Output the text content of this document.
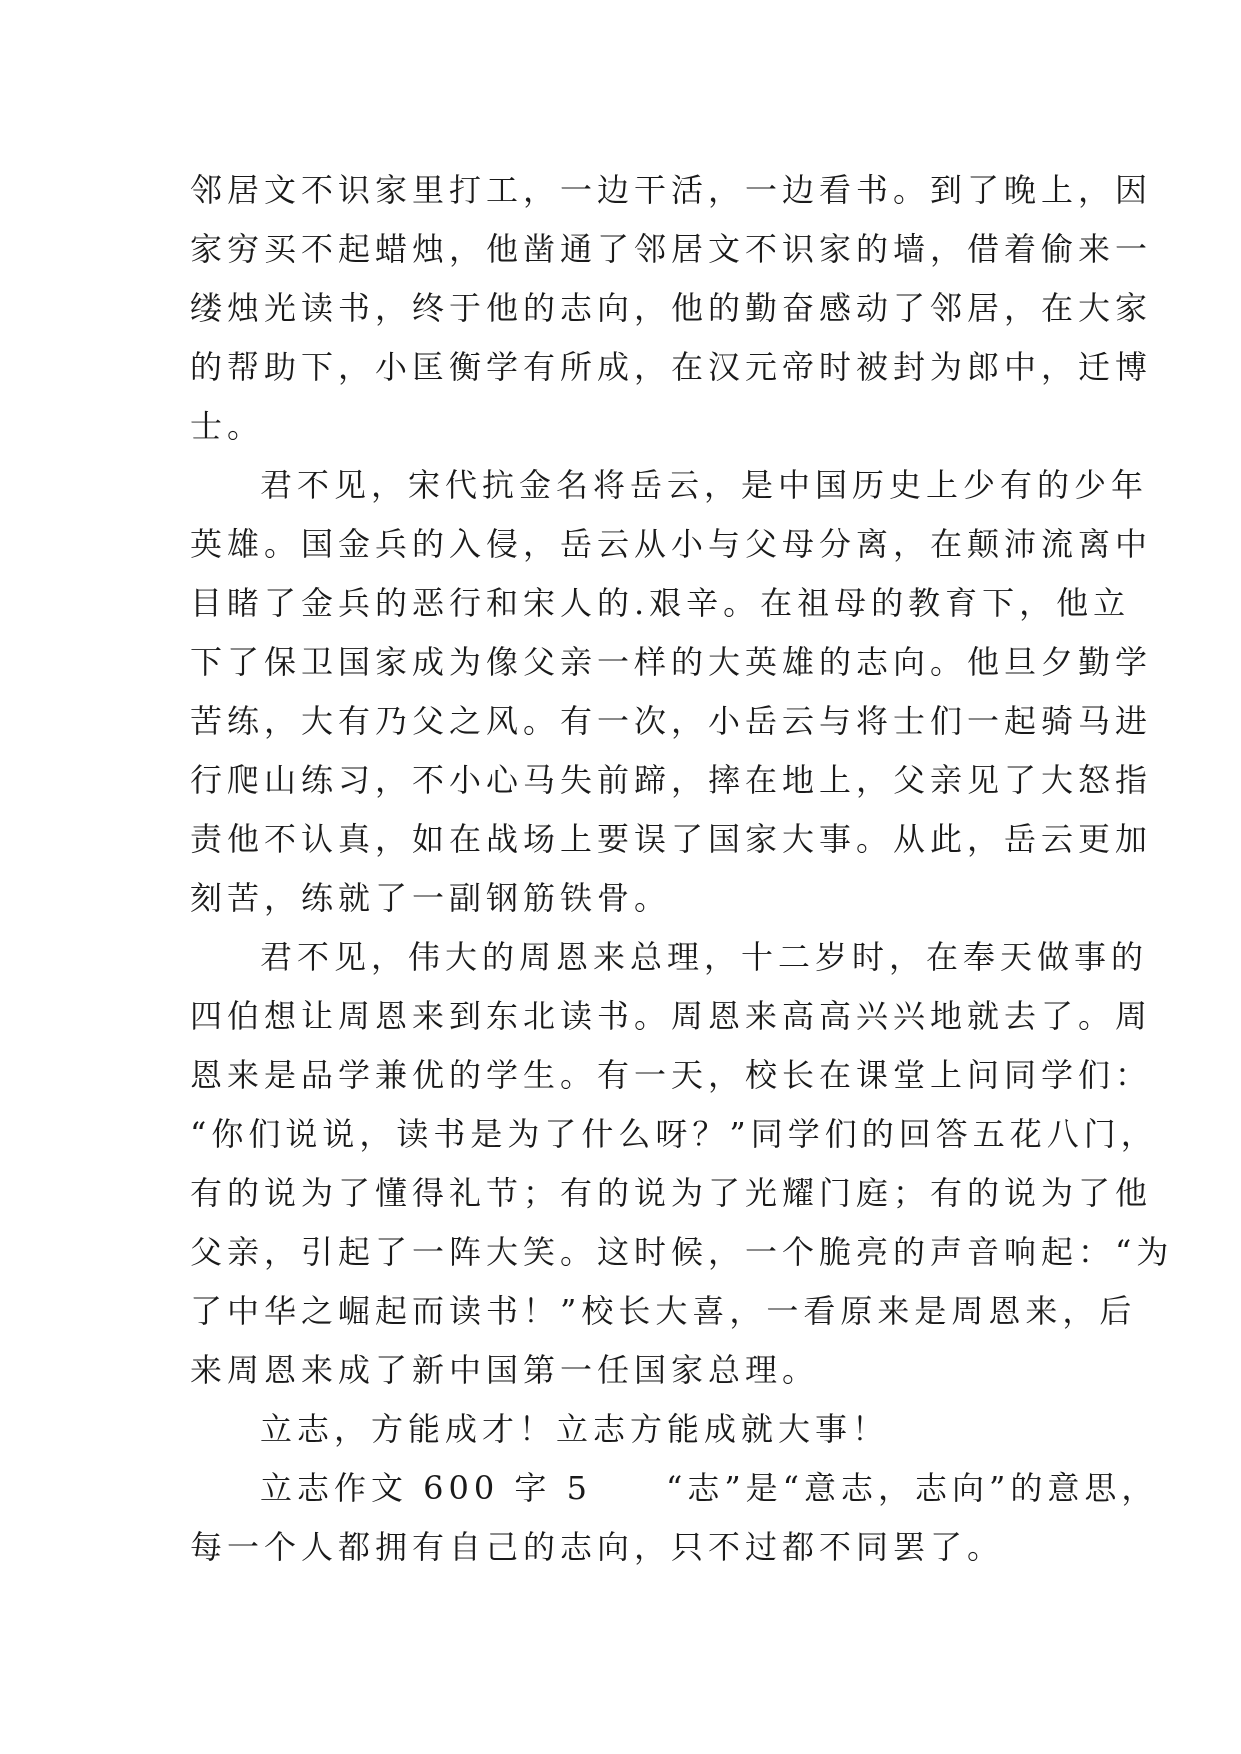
邻居文不识家里打工，一边干活，一边看书。到了晚上，因
家穷买不起蜡烛，他凿通了邻居文不识家的墙，借着偷来一
缕烛光读书，终于他的志向，他的勤奋感动了邻居，在大家
的帮助下，小匡衡学有所成，在汉元帝时被封为郎中，迁博
士。
君不见，宋代抗金名将岳云，是中国历史上少有的少年
英雄。国金兵的入侵，岳云从小与父母分离，在颠沛流离中
目睹了金兵的恶行和宋人的.艰辛。在祖母的教育下，他立
下了保卫国家成为像父亲一样的大英雄的志向。他旦夕勤学
苦练，大有乃父之风。有一次，小岳云与将士们一起骑马进
行爬山练习，不小心马失前蹄，摔在地上，父亲见了大怒指
责他不认真，如在战场上要误了国家大事。从此，岳云更加
刻苦，练就了一副钢筋铁骨。
君不见，伟大的周恩来总理，十二岁时，在奉天做事的
四伯想让周恩来到东北读书。周恩来高高兴兴地就去了。周
恩来是品学兼优的学生。有一天，校长在课堂上问同学们：
“你们说说，读书是为了什么呀？”同学们的回答五花八门，
有的说为了懂得礼节；有的说为了光耀门庭；有的说为了他
父亲，引起了一阵大笑。这时候，一个脆亮的声音响起：“为
了中华之崛起而读书！”校长大喜，一看原来是周恩来，后
来周恩来成了新中国第一任国家总理。
立志，方能成才！立志方能成就大事！
立志作文 600 字 5　　“志”是“意志，志向”的意思，
每一个人都拥有自己的志向，只不过都不同罢了。
